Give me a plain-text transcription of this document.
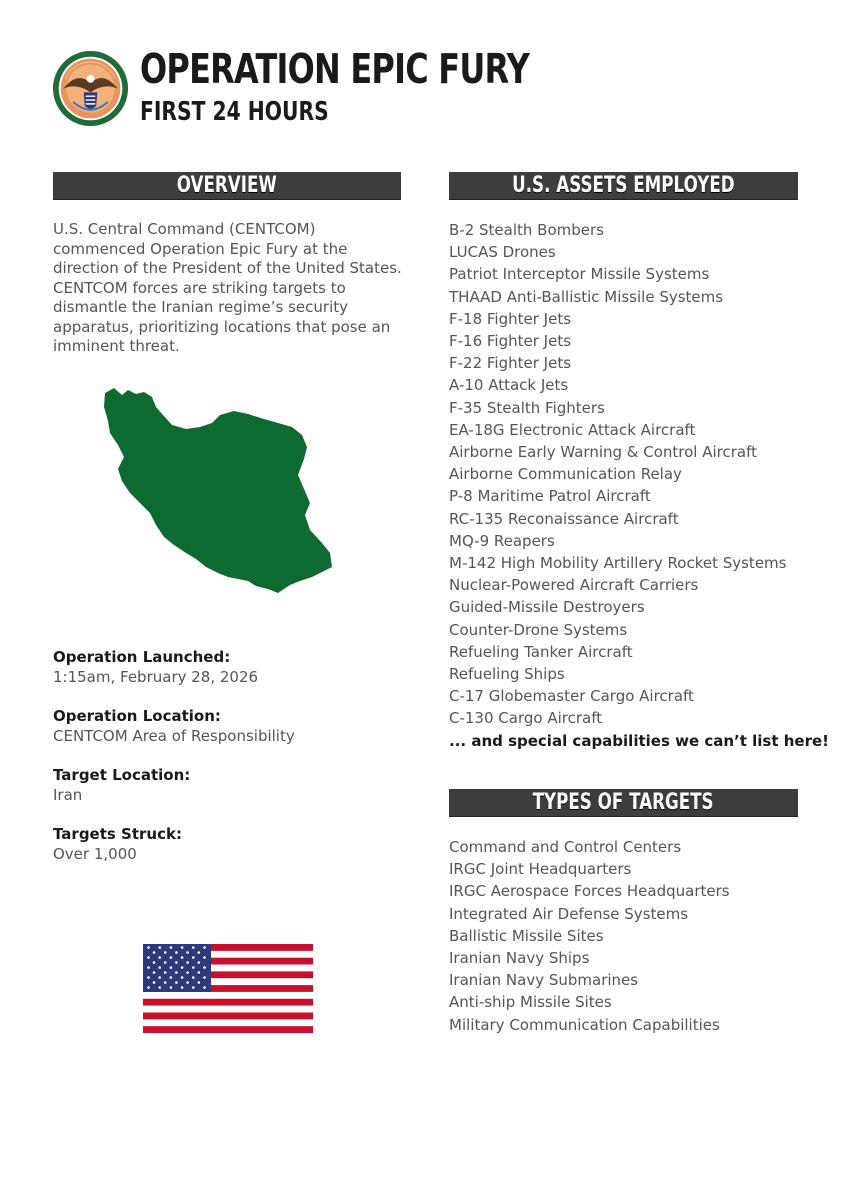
OPERATION EPIC FURY
FIRST 24 HOURS
OVERVIEW

U.S. Central Command (CENTCOM) commenced Operation Epic Fury at the direction of the President of the United States. CENTCOM forces are striking targets to dismantle the Iranian regime’s security apparatus, prioritizing locations that pose an imminent threat.

Operation Launched:
1:15am, February 28, 2026
Operation Location:
CENTCOM Area of Responsibility
Target Location:
Iran
Targets Struck:
Over 1,000
U.S. ASSETS EMPLOYED
B-2 Stealth Bombers
LUCAS Drones
Patriot Interceptor Missile Systems
THAAD Anti-Ballistic Missile Systems
F-18 Fighter Jets
F-16 Fighter Jets
F-22 Fighter Jets
A-10 Attack Jets
F-35 Stealth Fighters
EA-18G Electronic Attack Aircraft
Airborne Early Warning & Control Aircraft
Airborne Communication Relay
P-8 Maritime Patrol Aircraft
RC-135 Reconaissance Aircraft
MQ-9 Reapers
M-142 High Mobility Artillery Rocket Systems
Nuclear-Powered Aircraft Carriers
Guided-Missile Destroyers
Counter-Drone Systems
Refueling Tanker Aircraft
Refueling Ships
C-17 Globemaster Cargo Aircraft
C-130 Cargo Aircraft
... and special capabilities we can’t list here!
TYPES OF TARGETS
Command and Control Centers
IRGC Joint Headquarters
IRGC Aerospace Forces Headquarters
Integrated Air Defense Systems
Ballistic Missile Sites
Iranian Navy Ships
Iranian Navy Submarines
Anti-ship Missile Sites
Military Communication Capabilities
